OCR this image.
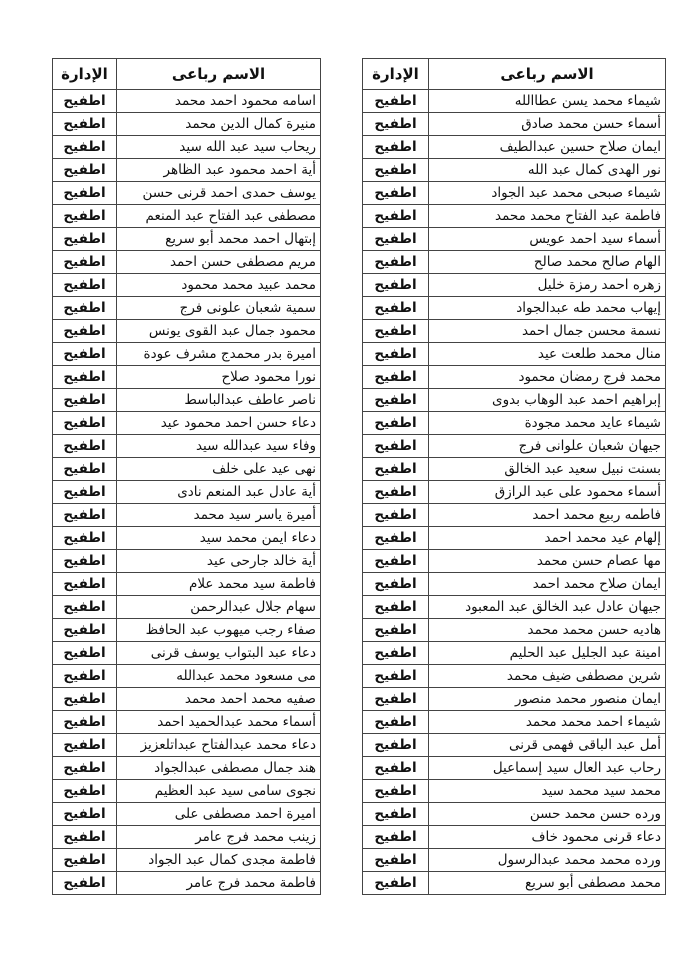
الاسم رباعى	الإدارة
اسامه محمود احمد محمد	اطفيح
منيرة كمال الدين محمد	اطفيح
ريحاب سيد عبد الله سيد	اطفيح
أية احمد محمود عبد الظاهر	اطفيح
يوسف حمدى احمد قرنى حسن	اطفيح
مصطفى عبد الفتاح عبد المنعم	اطفيح
إبتهال احمد محمد أبو سريع	اطفيح
مريم مصطفى حسن احمد	اطفيح
محمد عبيد محمد محمود	اطفيح
سمية شعبان علونى فرج	اطفيح
محمود جمال عبد القوى يونس	اطفيح
اميرة بدر محمدج مشرف عودة	اطفيح
نورا محمود صلاح	اطفيح
ناصر عاطف عبدالباسط	اطفيح
دعاء حسن احمد محمود عيد	اطفيح
وفاء سيد عبدالله سيد	اطفيح
نهى عيد على خلف	اطفيح
أية عادل عبد المنعم نادى	اطفيح
أميرة ياسر سيد محمد	اطفيح
دعاء ايمن محمد سيد	اطفيح
أية خالد جارحى عيد	اطفيح
فاطمة سيد محمد علام	اطفيح
سهام جلال عبدالرحمن	اطفيح
صفاء رجب ميهوب عبد الحافظ	اطفيح
دعاء عبد البتواب يوسف قرنى	اطفيح
مى مسعود محمد عبدالله	اطفيح
صفيه محمد احمد محمد	اطفيح
أسماء محمد عبدالحميد احمد	اطفيح
دعاء محمد عبدالفتاح عبداتلعزيز	اطفيح
هند جمال مصطفى عبدالجواد	اطفيح
نجوى سامى سيد عبد العظيم	اطفيح
اميرة احمد مصطفى على	اطفيح
زينب محمد فرج عامر	اطفيح
فاطمة مجدى كمال عبد الجواد	اطفيح
فاطمة محمد فرج عامر	اطفيح
الاسم رباعى	الإدارة
شيماء محمد يسن عطاالله	اطفيح
أسماء حسن محمد صادق	اطفيح
ايمان صلاح حسين عبدالطيف	اطفيح
نور الهدى كمال عبد الله	اطفيح
شيماء صبحى محمد عبد الجواد	اطفيح
فاطمة عبد الفتاح محمد محمد	اطفيح
أسماء سيد احمد عويس	اطفيح
الهام صالح محمد صالح	اطفيح
زهره احمد رمزة خليل	اطفيح
إيهاب محمد طه عبدالجواد	اطفيح
نسمة محسن جمال احمد	اطفيح
منال محمد طلعت عيد	اطفيح
محمد فرج رمضان محمود	اطفيح
إبراهيم احمد عبد الوهاب بدوى	اطفيح
شيماء عايد محمد مجودة	اطفيح
جيهان شعبان علوانى فرج	اطفيح
بسنت نبيل سعيد عبد الخالق	اطفيح
أسماء محمود على عبد الرازق	اطفيح
فاطمه ربيع محمد احمد	اطفيح
إلهام عيد محمد احمد	اطفيح
مها عصام حسن محمد	اطفيح
ايمان صلاح محمد احمد	اطفيح
جيهان عادل عبد الخالق عبد المعبود	اطفيح
هاديه حسن محمد محمد	اطفيح
امينة عبد الجليل عبد الحليم	اطفيح
شرين مصطفى ضيف محمد	اطفيح
ايمان منصور محمد منصور	اطفيح
شيماء احمد محمد محمد	اطفيح
أمل عبد الباقى فهمى قرنى	اطفيح
رحاب عبد العال سيد إسماعيل	اطفيح
محمد سيد محمد سيد	اطفيح
ورده حسن محمد حسن	اطفيح
دعاء قرنى محمود خاف	اطفيح
ورده محمد محمد عبدالرسول	اطفيح
محمد مصطفى أبو سريع	اطفيح
